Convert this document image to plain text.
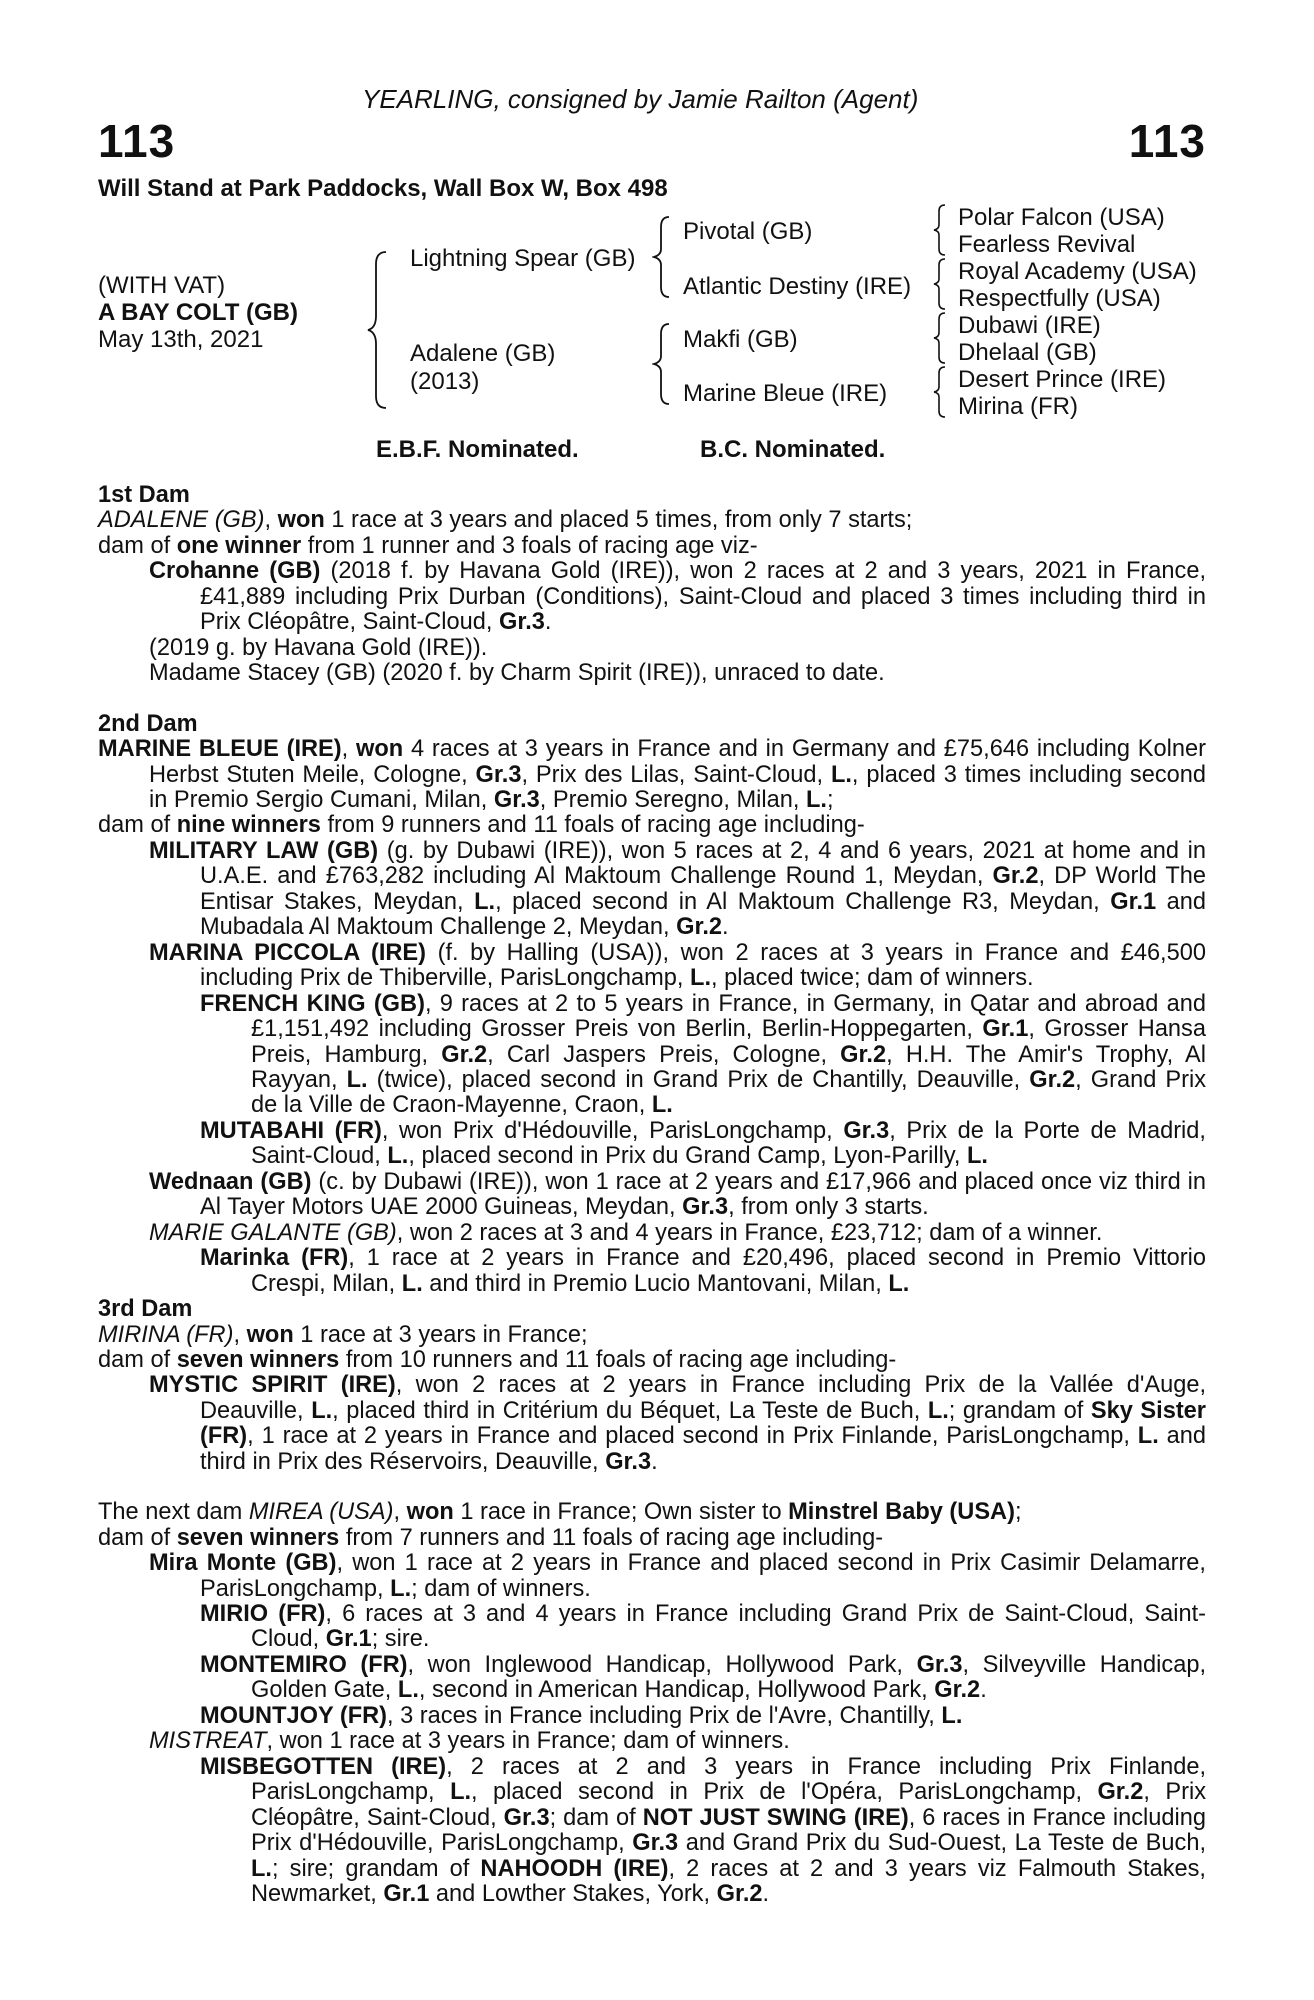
YEARLING, consigned by Jamie Railton (Agent)
113	113
Will Stand at Park Paddocks, Wall Box W, Box 498
(WITH VAT)
A BAY COLT (GB)
May 13th, 2021
Lightning Spear (GB)
Adalene (GB)
(2013)
Pivotal (GB)
Atlantic Destiny (IRE)
Makfi (GB)
Marine Bleue (IRE)
Polar Falcon (USA)
Fearless Revival
Royal Academy (USA)
Respectfully (USA)
Dubawi (IRE)
Dhelaal (GB)
Desert Prince (IRE)
Mirina (FR)
E.B.F. Nominated.	B.C. Nominated.

1st Dam

ADALENE (GB), won 1 race at 3 years and placed 5 times, from only 7 starts;

dam of one winner from 1 runner and 3 foals of racing age viz-

Crohanne (GB) (2018 f. by Havana Gold (IRE)), won 2 races at 2 and 3 years, 2021 in France, £41,889 including Prix Durban (Conditions), Saint-Cloud and placed 3 times including third in Prix Cléopâtre, Saint-Cloud, Gr.3.

(2019 g. by Havana Gold (IRE)).

Madame Stacey (GB) (2020 f. by Charm Spirit (IRE)), unraced to date.

2nd Dam

MARINE BLEUE (IRE), won 4 races at 3 years in France and in Germany and £75,646 including Kolner Herbst Stuten Meile, Cologne, Gr.3, Prix des Lilas, Saint-Cloud, L., placed 3 times including second in Premio Sergio Cumani, Milan, Gr.3, Premio Seregno, Milan, L.;

dam of nine winners from 9 runners and 11 foals of racing age including-

MILITARY LAW (GB) (g. by Dubawi (IRE)), won 5 races at 2, 4 and 6 years, 2021 at home and in U.A.E. and £763,282 including Al Maktoum Challenge Round 1, Meydan, Gr.2, DP World The Entisar Stakes, Meydan, L., placed second in Al Maktoum Challenge R3, Meydan, Gr.1 and Mubadala Al Maktoum Challenge 2, Meydan, Gr.2.

MARINA PICCOLA (IRE) (f. by Halling (USA)), won 2 races at 3 years in France and £46,500 including Prix de Thiberville, ParisLongchamp, L., placed twice; dam of winners.

FRENCH KING (GB), 9 races at 2 to 5 years in France, in Germany, in Qatar and abroad and £1,151,492 including Grosser Preis von Berlin, Berlin-Hoppegarten, Gr.1, Grosser Hansa Preis, Hamburg, Gr.2, Carl Jaspers Preis, Cologne, Gr.2, H.H. The Amir's Trophy, Al Rayyan, L. (twice), placed second in Grand Prix de Chantilly, Deauville, Gr.2, Grand Prix de la Ville de Craon-Mayenne, Craon, L.

MUTABAHI (FR), won Prix d'Hédouville, ParisLongchamp, Gr.3, Prix de la Porte de Madrid, Saint-Cloud, L., placed second in Prix du Grand Camp, Lyon-Parilly, L.

Wednaan (GB) (c. by Dubawi (IRE)), won 1 race at 2 years and £17,966 and placed once viz third in Al Tayer Motors UAE 2000 Guineas, Meydan, Gr.3, from only 3 starts.

MARIE GALANTE (GB), won 2 races at 3 and 4 years in France, £23,712; dam of a winner.

Marinka (FR), 1 race at 2 years in France and £20,496, placed second in Premio Vittorio Crespi, Milan, L. and third in Premio Lucio Mantovani, Milan, L.

3rd Dam

MIRINA (FR), won 1 race at 3 years in France;

dam of seven winners from 10 runners and 11 foals of racing age including-

MYSTIC SPIRIT (IRE), won 2 races at 2 years in France including Prix de la Vallée d'Auge, Deauville, L., placed third in Critérium du Béquet, La Teste de Buch, L.; grandam of Sky Sister (FR), 1 race at 2 years in France and placed second in Prix Finlande, ParisLongchamp, L. and third in Prix des Réservoirs, Deauville, Gr.3.

The next dam MIREA (USA), won 1 race in France; Own sister to Minstrel Baby (USA);

dam of seven winners from 7 runners and 11 foals of racing age including-

Mira Monte (GB), won 1 race at 2 years in France and placed second in Prix Casimir Delamarre, ParisLongchamp, L.; dam of winners.

MIRIO (FR), 6 races at 3 and 4 years in France including Grand Prix de Saint-Cloud, Saint-Cloud, Gr.1; sire.

MONTEMIRO (FR), won Inglewood Handicap, Hollywood Park, Gr.3, Silveyville Handicap, Golden Gate, L., second in American Handicap, Hollywood Park, Gr.2.

MOUNTJOY (FR), 3 races in France including Prix de l'Avre, Chantilly, L.

MISTREAT, won 1 race at 3 years in France; dam of winners.

MISBEGOTTEN (IRE), 2 races at 2 and 3 years in France including Prix Finlande, ParisLongchamp, L., placed second in Prix de l'Opéra, ParisLongchamp, Gr.2, Prix Cléopâtre, Saint-Cloud, Gr.3; dam of NOT JUST SWING (IRE), 6 races in France including Prix d'Hédouville, ParisLongchamp, Gr.3 and Grand Prix du Sud-Ouest, La Teste de Buch, L.; sire; grandam of NAHOODH (IRE), 2 races at 2 and 3 years viz Falmouth Stakes, Newmarket, Gr.1 and Lowther Stakes, York, Gr.2.
